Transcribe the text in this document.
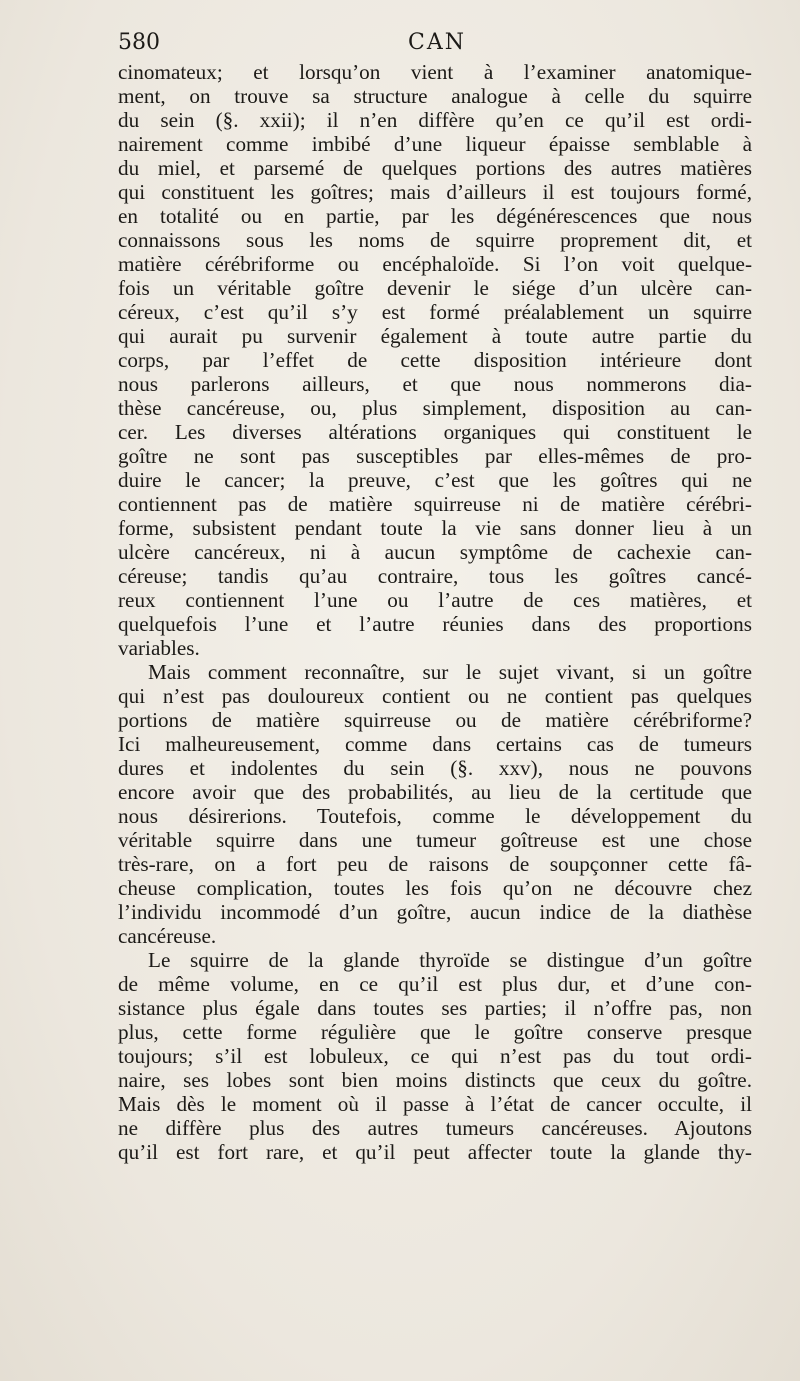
580	CAN
cinomateux; et lorsqu’on vient à l’examiner anatomique-
ment, on trouve sa structure analogue à celle du squirre
du sein (§. xxii); il n’en diffère qu’en ce qu’il est ordi-
nairement comme imbibé d’une liqueur épaisse semblable à
du miel, et parsemé de quelques portions des autres matières
qui constituent les goîtres; mais d’ailleurs il est toujours formé,
en totalité ou en partie, par les dégénérescences que nous
connaissons sous les noms de squirre proprement dit, et
matière cérébriforme ou encéphaloïde. Si l’on voit quelque-
fois un véritable goître devenir le siége d’un ulcère can-
céreux, c’est qu’il s’y est formé préalablement un squirre
qui aurait pu survenir également à toute autre partie du
corps, par l’effet de cette disposition intérieure dont
nous parlerons ailleurs, et que nous nommerons dia-
thèse cancéreuse, ou, plus simplement, disposition au can-
cer. Les diverses altérations organiques qui constituent le
goître ne sont pas susceptibles par elles-mêmes de pro-
duire le cancer; la preuve, c’est que les goîtres qui ne
contiennent pas de matière squirreuse ni de matière cérébri-
forme, subsistent pendant toute la vie sans donner lieu à un
ulcère cancéreux, ni à aucun symptôme de cachexie can-
céreuse; tandis qu’au contraire, tous les goîtres cancé-
reux contiennent l’une ou l’autre de ces matières, et
quelquefois l’une et l’autre réunies dans des proportions
variables.
Mais comment reconnaître, sur le sujet vivant, si un goître
qui n’est pas douloureux contient ou ne contient pas quelques
portions de matière squirreuse ou de matière cérébriforme?
Ici malheureusement, comme dans certains cas de tumeurs
dures et indolentes du sein (§. xxv), nous ne pouvons
encore avoir que des probabilités, au lieu de la certitude que
nous désirerions. Toutefois, comme le développement du
véritable squirre dans une tumeur goîtreuse est une chose
très-rare, on a fort peu de raisons de soupçonner cette fâ-
cheuse complication, toutes les fois qu’on ne découvre chez
l’individu incommodé d’un goître, aucun indice de la diathèse
cancéreuse.
Le squirre de la glande thyroïde se distingue d’un goître
de même volume, en ce qu’il est plus dur, et d’une con-
sistance plus égale dans toutes ses parties; il n’offre pas, non
plus, cette forme régulière que le goître conserve presque
toujours; s’il est lobuleux, ce qui n’est pas du tout ordi-
naire, ses lobes sont bien moins distincts que ceux du goître.
Mais dès le moment où il passe à l’état de cancer occulte, il
ne diffère plus des autres tumeurs cancéreuses. Ajoutons
qu’il est fort rare, et qu’il peut affecter toute la glande thy-
